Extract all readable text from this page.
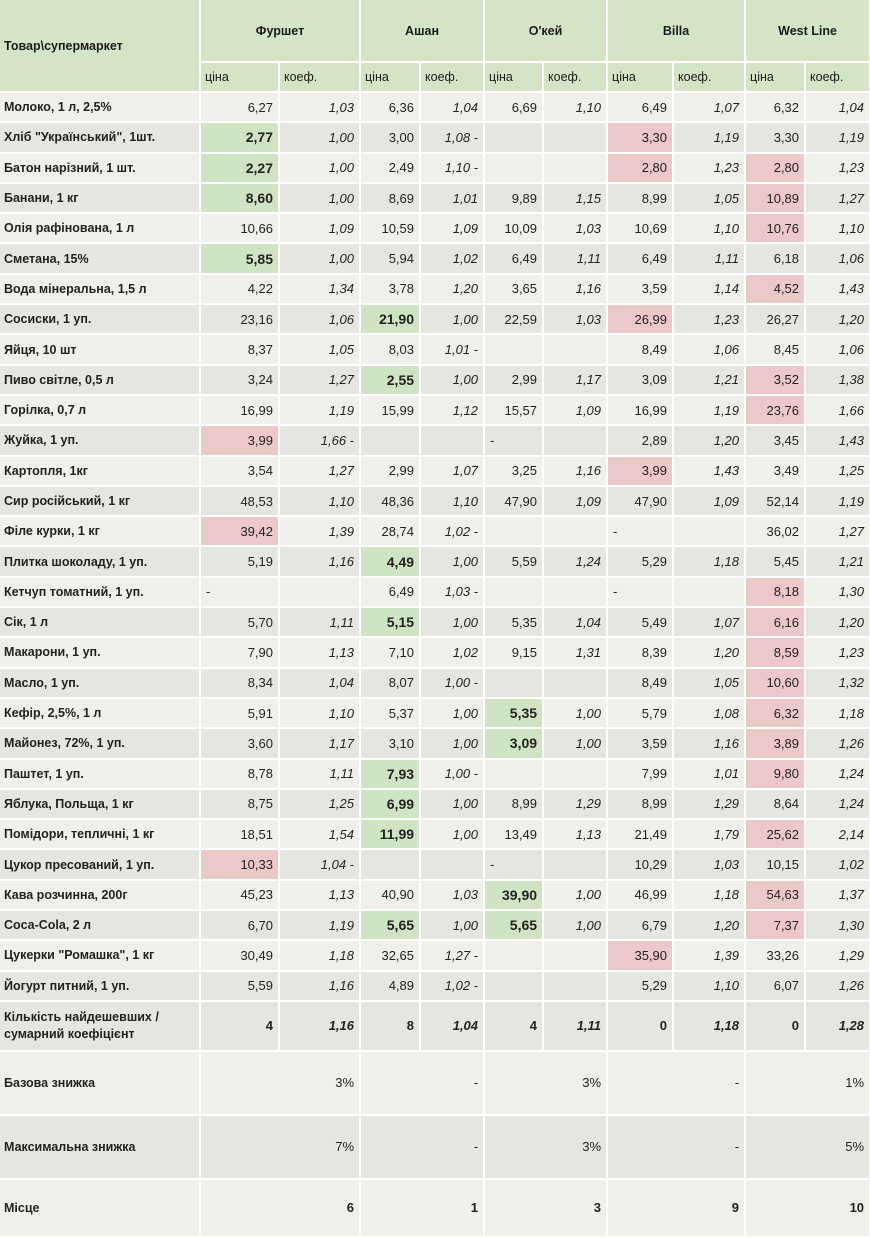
Товар\супермаркет	Фуршет		Ашан		О'кей		Billa		West Line	
	ціна	коеф.	ціна	коеф.	ціна	коеф.	ціна	коеф.	ціна	коеф.
Молоко, 1 л, 2,5%	6,27	1,03	6,36	1,04	6,69	1,10	6,49	1,07	6,32	1,04
Хліб "Український", 1шт.	2,77	1,00	3,00	1,08 -			3,30	1,19	3,30	1,19
Батон нарізний, 1 шт.	2,27	1,00	2,49	1,10 -			2,80	1,23	2,80	1,23
Банани, 1 кг	8,60	1,00	8,69	1,01	9,89	1,15	8,99	1,05	10,89	1,27
Олія рафінована, 1 л	10,66	1,09	10,59	1,09	10,09	1,03	10,69	1,10	10,76	1,10
Сметана, 15%	5,85	1,00	5,94	1,02	6,49	1,11	6,49	1,11	6,18	1,06
Вода мінеральна, 1,5 л	4,22	1,34	3,78	1,20	3,65	1,16	3,59	1,14	4,52	1,43
Сосиски, 1 уп.	23,16	1,06	21,90	1,00	22,59	1,03	26,99	1,23	26,27	1,20
Яйця, 10 шт	8,37	1,05	8,03	1,01 -			8,49	1,06	8,45	1,06
Пиво світле, 0,5 л	3,24	1,27	2,55	1,00	2,99	1,17	3,09	1,21	3,52	1,38
Горілка, 0,7 л	16,99	1,19	15,99	1,12	15,57	1,09	16,99	1,19	23,76	1,66
Жуйка, 1 уп.	3,99	1,66 -			-		2,89	1,20	3,45	1,43
Картопля, 1кг	3,54	1,27	2,99	1,07	3,25	1,16	3,99	1,43	3,49	1,25
Сир російський, 1 кг	48,53	1,10	48,36	1,10	47,90	1,09	47,90	1,09	52,14	1,19
Філе курки, 1 кг	39,42	1,39	28,74	1,02 -			-		36,02	1,27
Плитка шоколаду, 1 уп.	5,19	1,16	4,49	1,00	5,59	1,24	5,29	1,18	5,45	1,21
Кетчуп томатний, 1 уп.	-		6,49	1,03 -			-		8,18	1,30
Сік, 1 л	5,70	1,11	5,15	1,00	5,35	1,04	5,49	1,07	6,16	1,20
Макарони, 1 уп.	7,90	1,13	7,10	1,02	9,15	1,31	8,39	1,20	8,59	1,23
Масло, 1 уп.	8,34	1,04	8,07	1,00 -			8,49	1,05	10,60	1,32
Кефір, 2,5%, 1 л	5,91	1,10	5,37	1,00	5,35	1,00	5,79	1,08	6,32	1,18
Майонез, 72%, 1 уп.	3,60	1,17	3,10	1,00	3,09	1,00	3,59	1,16	3,89	1,26
Паштет, 1 уп.	8,78	1,11	7,93	1,00 -			7,99	1,01	9,80	1,24
Яблука, Польща, 1 кг	8,75	1,25	6,99	1,00	8,99	1,29	8,99	1,29	8,64	1,24
Помідори, тепличні, 1 кг	18,51	1,54	11,99	1,00	13,49	1,13	21,49	1,79	25,62	2,14
Цукор пресований, 1 уп.	10,33	1,04 -			-		10,29	1,03	10,15	1,02
Кава розчинна, 200г	45,23	1,13	40,90	1,03	39,90	1,00	46,99	1,18	54,63	1,37
Coca-Cola, 2 л	6,70	1,19	5,65	1,00	5,65	1,00	6,79	1,20	7,37	1,30
Цукерки "Ромашка", 1 кг	30,49	1,18	32,65	1,27 -			35,90	1,39	33,26	1,29
Йогурт питний, 1 уп.	5,59	1,16	4,89	1,02 -			5,29	1,10	6,07	1,26
Кількість найдешевших / сумарний коефіцієнт	4	1,16	8	1,04	4	1,11	0	1,18	0	1,28
Базова знижка	3%		-		3%		-		1%	
Максимальна знижка	7%		-		3%		-		5%	
Місце	6		1		3		9		10	
